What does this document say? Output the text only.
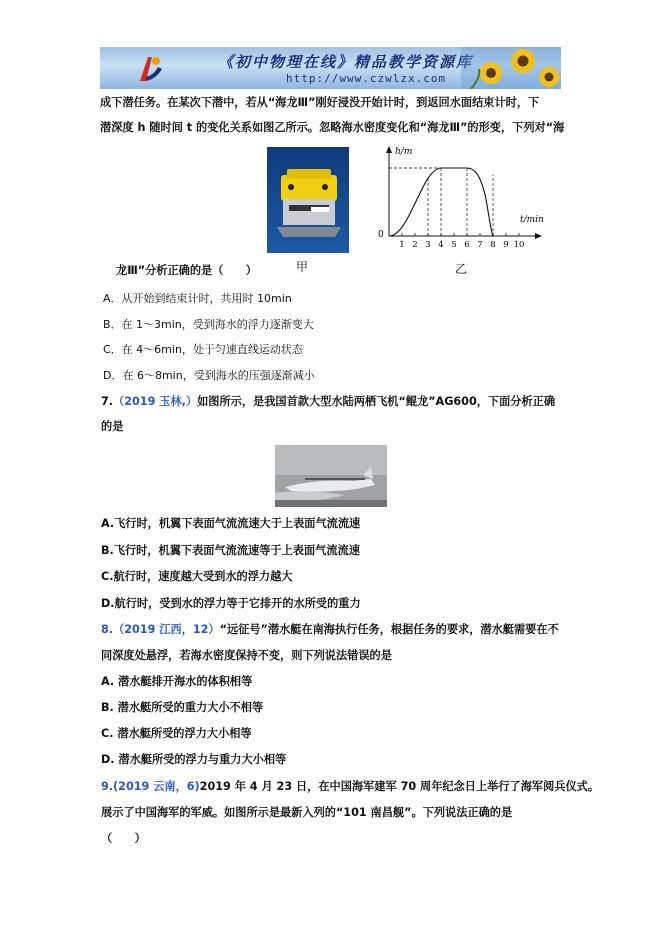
《初中物理在线》精品教学资源库
http://www.czwlzx.com
成下潜任务。在某次下潜中，若从“海龙Ⅲ”刚好浸没开始计时，到返回水面结束计时，下
潜深度 h 随时间 t 的变化关系如图乙所示。忽略海水密度变化和“海龙Ⅲ”的形变，下列对“海
h/m
t/min
0
1 2 3 4 5 6 7 8 9 10
甲	乙
龙Ⅲ”分析正确的是（　　）
A．从开始到结束计时，共用时 10min
B．在 1～3min，受到海水的浮力逐渐变大
C．在 4～6min，处于匀速直线运动状态
D．在 6～8min，受到海水的压强逐渐减小
7.（2019 玉林,）如图所示，是我国首款大型水陆两栖飞机“鲲龙”AG600，下面分析正确
的是
A.飞行时，机翼下表面气流流速大于上表面气流流速
B.飞行时，机翼下表面气流流速等于上表面气流流速
C.航行时，速度越大受到水的浮力越大
D.航行时，受到水的浮力等于它排开的水所受的重力
8.（2019 江西，12）“远征号”潜水艇在南海执行任务，根据任务的要求，潜水艇需要在不
同深度处悬浮，若海水密度保持不变，则下列说法错误的是
A. 潜水艇排开海水的体积相等
B. 潜水艇所受的重力大小不相等
C. 潜水艇所受的浮力大小相等
D. 潜水艇所受的浮力与重力大小相等
9.(2019 云南，6)2019 年 4 月 23 日，在中国海军建军 70 周年纪念日上举行了海军阅兵仪式。
展示了中国海军的军威。如图所示是最新入列的“101 南昌舰”。下列说法正确的是
（　　）
